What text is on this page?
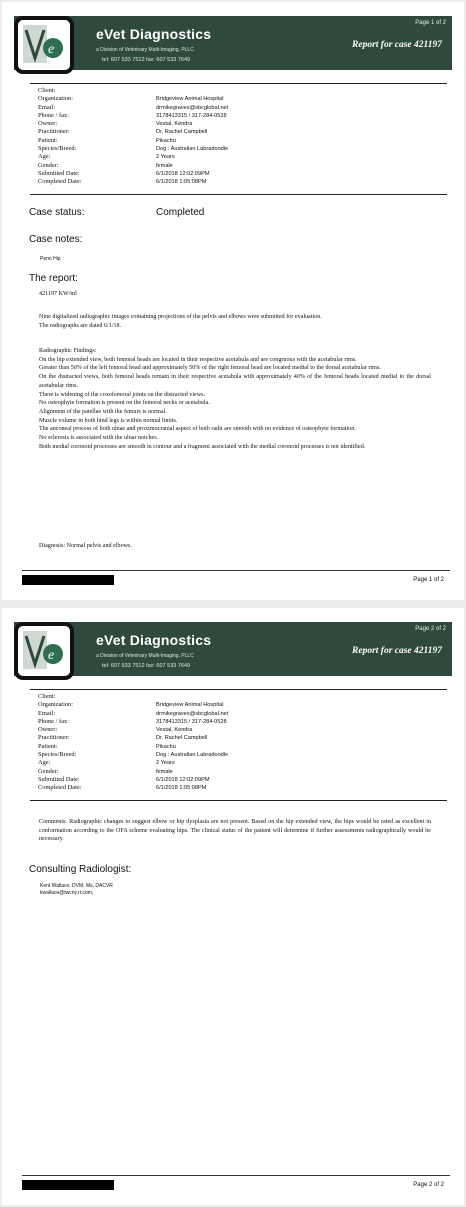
eVet Diagnostics
a Division of Veterinary Multi-Imaging, PLLC
tel: 607 533 7512 fax: 607 533 7649
Page 1 of 2
Report for case 421197
e
Client:
Organization:
Email:
Phone / fax:
Owner:
Practitioner:
Patient:
Species/Breed:
Age:
Gender:
Submitted Date:
Completed Date:

Bridgeview Animal Hospital
drmikegraves@sbcglobal.net
3178413315 / 317-284-0528
Vestal, Kendra
Dr. Rachel Campbell
Pikachu
Dog : Australian Labradoodle
2 Years
female
6/1/2018 12:02:09PM
6/1/2018 1:05:08PM
Case status:	Completed
Case notes:
Penn Hip
The report:
421197 KW/ml

Nine digitalized radiographic images containing projections of the pelvis and elbows were submitted for evaluation.

The radiographs are dated 6/1/18.

Radiographic Findings:

On the hip extended view, both femoral heads are located in their respective acetabula and are congruous with the acetabular rims.

Greater than 50% of the left femoral head and approximately 50% of the right femoral head are located medial to the dorsal acetabular rims.

On the distracted views, both femoral heads remain in their respective acetabula with approximately 40% of the femoral heads located medial to the dorsal acetabular rims.

There is widening of the coxofemoral joints on the distracted views.

No osteophyte formation is present on the femoral necks or acetabula.

Alignment of the patellae with the femurs is normal.

Muscle volume in both hind legs is within normal limits.

The anconeal process of both ulnae and proximocranial aspect of both radii are smooth with no evidence of osteophyte formation.

No sclerosis is associated with the ulnar notches.

Both medial coronoid processes are smooth in contour and a fragment associated with the medial coronoid processes is not identified.

Diagnosis: Normal pelvis and elbows.
Page 1 of 2
eVet Diagnostics
a Division of Veterinary Multi-Imaging, PLLC
tel: 607 533 7512 fax: 607 533 7649
Page 2 of 2
Report for case 421197
e
Client:
Organization:
Email:
Phone / fax:
Owner:
Practitioner:
Patient:
Species/Breed:
Age:
Gender:
Submitted Date:
Completed Date:

Bridgeview Animal Hospital
drmikegraves@sbcglobal.net
3178413315 / 317-284-0528
Vestal, Kendra
Dr. Rachel Campbell
Pikachu
Dog : Australian Labradoodle
2 Years
female
6/1/2018 12:02:09PM
6/1/2018 1:05:08PM
Comments: Radiographic changes to suggest elbow or hip dysplasia are not present. Based on the hip extended view, the hips would be rated as excellent in conformation according to the OFA scheme evaluating hips. The clinical status of the patient will determine if further assessments radiographically would be necessary.
Consulting Radiologist:
Kent Wallace, DVM, Ms, DACVR
kwallace@twcny.rr.com,
Page 2 of 2
